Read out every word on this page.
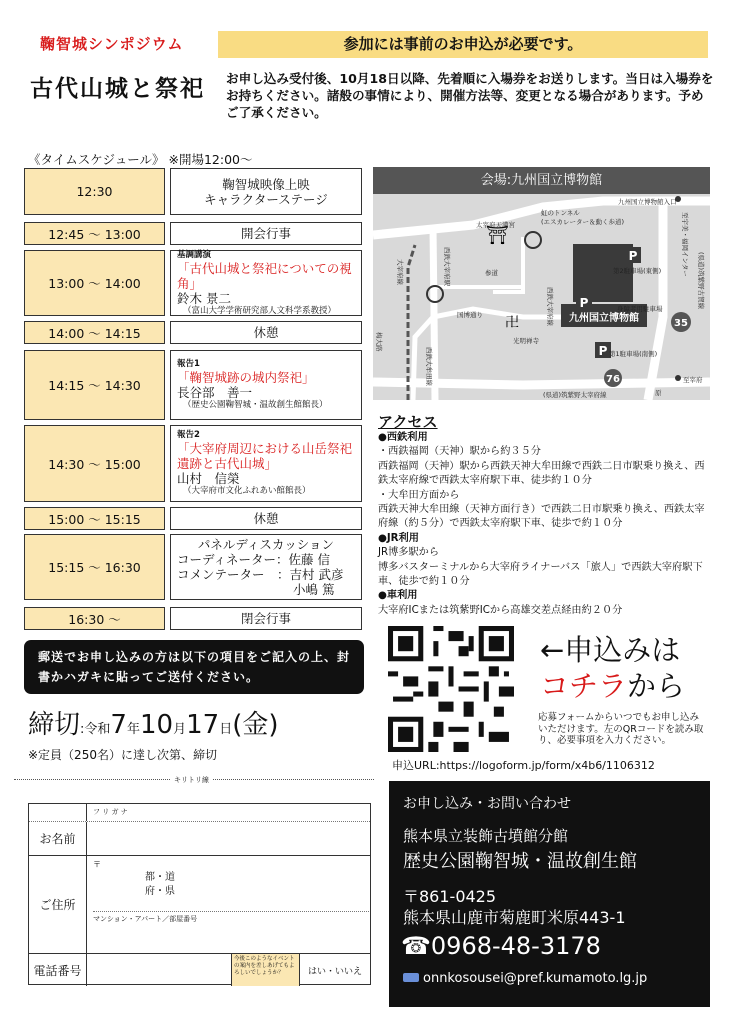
鞠智城シンポジウム
古代山城と祭祀
参加には事前のお申込が必要です。
お申し込み受付後、10月18日以降、先着順に入場券をお送りします。当日は入場券をお持ちください。諸般の事情により、開催方法等、変更となる場合があります。予めご了承ください。
《タイムスケジュール》 ※開場12:00〜
12:30	鞠智城映像上映
キャラクターステージ
12:45 〜 13:00	開会行事
13:00 〜 14:00
基調講演
「古代山城と祭祀についての視角」
鈴木 景二
（富山大学学術研究部人文科学系教授）
14:00 〜 14:15	休憩
14:15 〜 14:30
報告1
「鞠智城跡の城内祭祀」
長谷部　善一
（歴史公園鞠智城・温故創生館館長）
14:30 〜 15:00
報告2
「大宰府周辺における山岳祭祀
遺跡と古代山城」
山村　信榮
（大宰府市文化ふれあい館館長）
15:00 〜 15:15	休憩
15:15 〜 16:30
パネルディスカッション
コーディネーター：佐藤 信
コメンテーター　：吉村 武彦
小嶋 篤
16:30 〜	閉会行事
郵送でお申し込みの方は以下の項目をご記入の上、封書かハガキに貼ってご送付ください。
締切:令和7年10月17日(金)
※定員（250名）に達し次第、締切
会場:九州国立博物館
九州国立博物館
P
P
P
76
35
⛩
卍
九州国立博物館入口
太宰府天満宮
虹のトンネル
(エスカレーター＆動く歩道)
参道
国博通り
光明禅寺
身障者用駐車場
第1駐車場(南側)
第2駐車場(東側)
(県道)筑紫野太宰府線
至宰府
原
至宇美・福岡インター
(県道)筑紫野古賀線
西鉄大宰府駅
大宰府線
梅大路
西鉄大牟田線
西鉄大宰府線
アクセス
●西鉄利用
・西鉄福岡（天神）駅から約３５分
西鉄福岡（天神）駅から西鉄天神大牟田線で西鉄二日市駅乗り換え、西鉄太宰府線で西鉄太宰府駅下車、徒歩約１０分
・大牟田方面から
西鉄天神大牟田線（天神方面行き）で西鉄二日市駅乗り換え、西鉄太宰府線（約５分）で西鉄太宰府駅下車、徒歩で約１０分
●JR利用
JR博多駅から
博多バスターミナルから大宰府ライナーバス「旅人」で西鉄大宰府駅下車、徒歩で約１０分
●車利用
大宰府ICまたは筑紫野ICから高雄交差点経由約２０分
←申込みは
コチラから
応募フォームからいつでもお申し込みいただけます。左のQRコードを読み取り、必要事項を入力ください。
申込URL:https://logoform.jp/form/x4b6/1106312
キリトリ線
フ リ ガ ナ
お名前
ご住所
〒
都・道
府・県
マンション・アパート／部屋番号
電話番号
今後このようなイベントの案内を差しあげてもよろしいでしょうか？	はい・いいえ
お申し込み・お問い合わせ
熊本県立装飾古墳館分館
歴史公園鞠智城・温故創生館
〒861-0425
熊本県山鹿市菊鹿町米原443-1
☎0968-48-3178
onnkosousei@pref.kumamoto.lg.jp
